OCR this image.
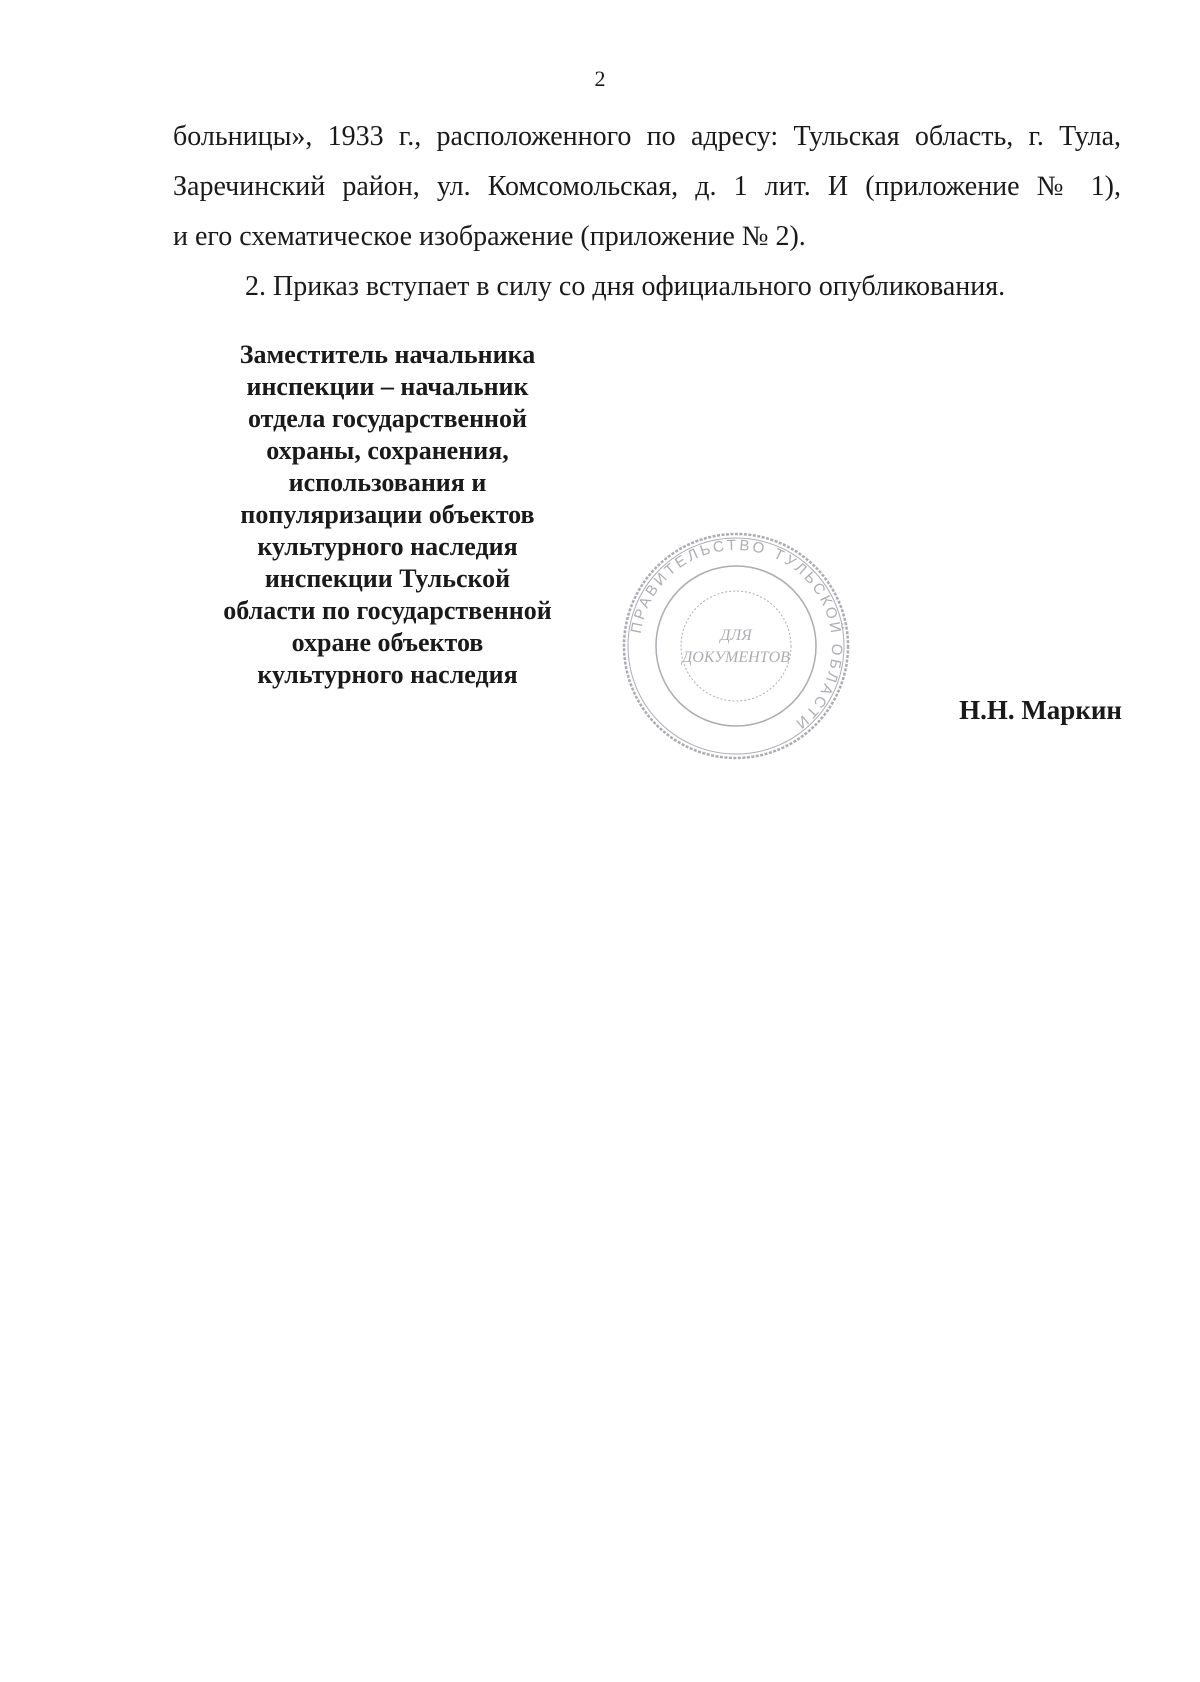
2

больницы», 1933 г., расположенного по адресу: Тульская область, г. Тула,

Заречинский район, ул. Комсомольская, д. 1 лит. И (приложение № 1),

и его схематическое изображение (приложение № 2).

2. Приказ вступает в силу со дня официального опубликования.

Заместитель начальника
инспекции – начальник
отдела государственной
охраны, сохранения,
использования и
популяризации объектов
культурного наследия
инспекции Тульской
области по государственной
охране объектов
культурного наследия
ПРАВИТЕЛЬСТВО ТУЛЬСКОЙ ОБЛАСТИ
ДЛЯ
ДОКУМЕНТОВ
Н.Н. Маркин
